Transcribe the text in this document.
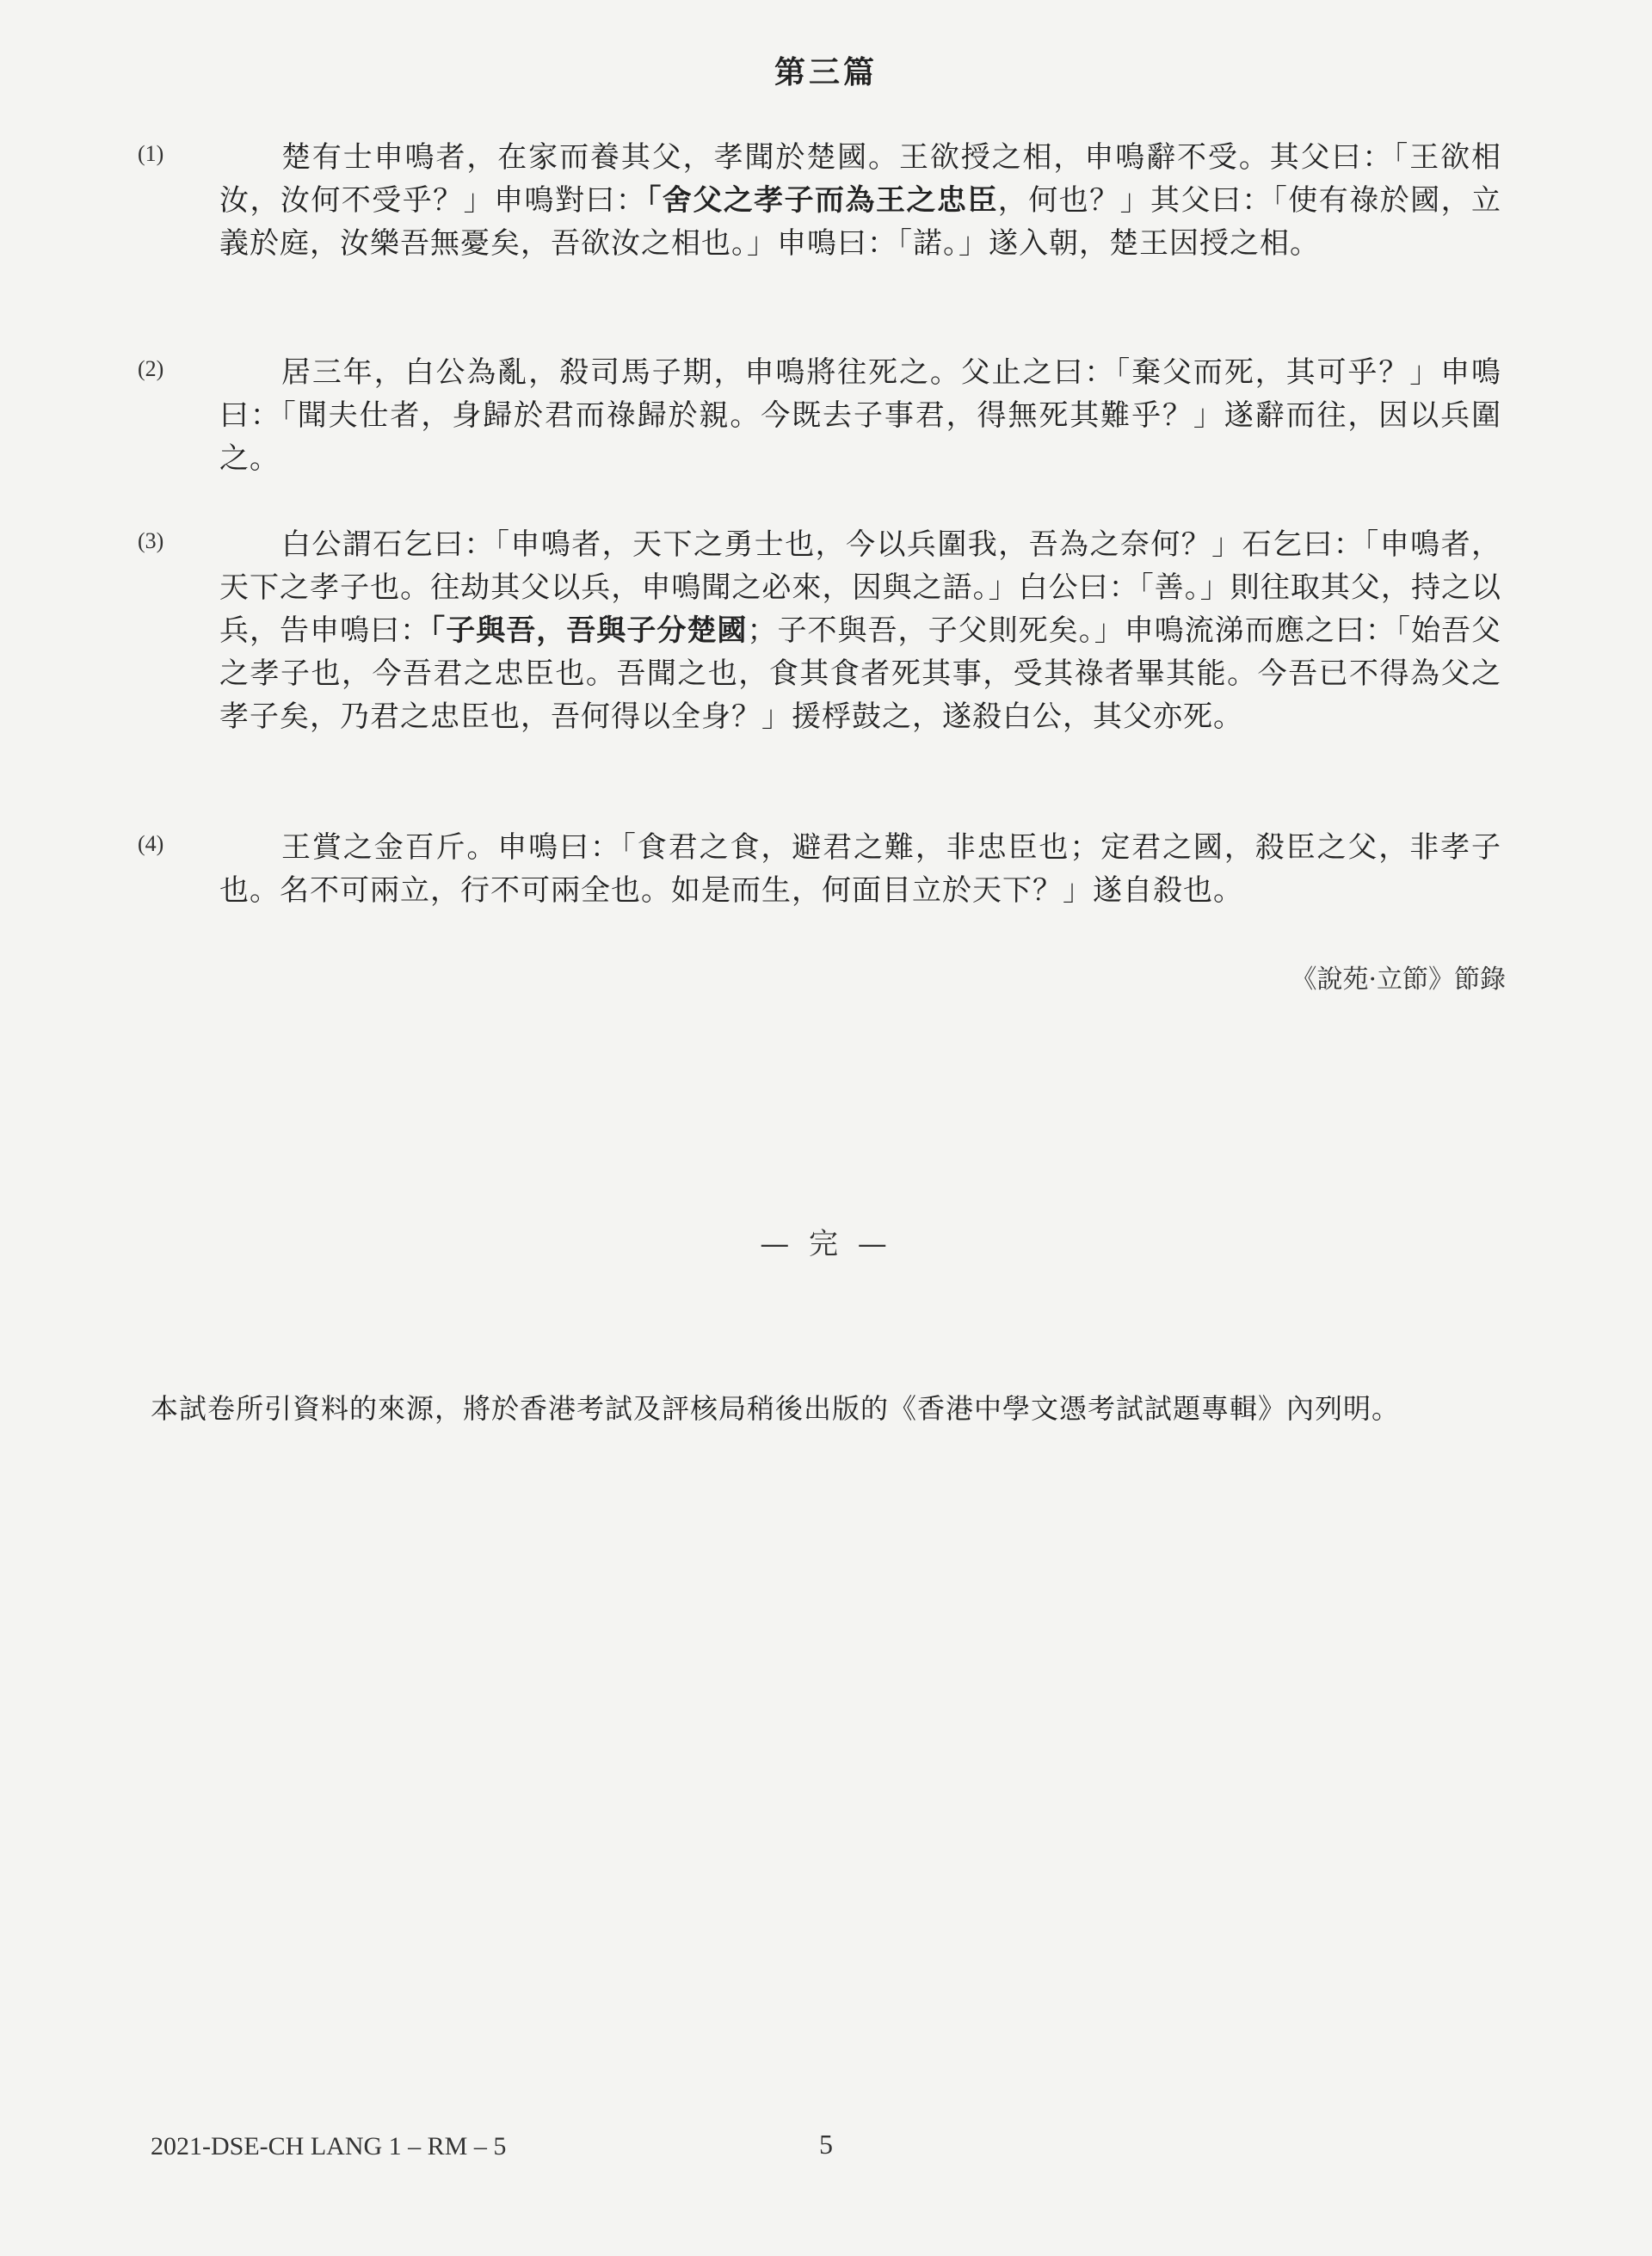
第三篇
(1)	楚有士申鳴者，在家而養其父，孝聞於楚國。王欲授之相，申鳴辭不受。其父曰：「王欲相汝，汝何不受乎？」申鳴對曰：「舍父之孝子而為王之忠臣，何也？」其父曰：「使有祿於國，立義於庭，汝樂吾無憂矣，吾欲汝之相也。」申鳴曰：「諾。」遂入朝，楚王因授之相。
(2)	居三年，白公為亂，殺司馬子期，申鳴將往死之。父止之曰：「棄父而死，其可乎？」申鳴曰：「聞夫仕者，身歸於君而祿歸於親。今既去子事君，得無死其難乎？」遂辭而往，因以兵圍之。
(3)	白公謂石乞曰：「申鳴者，天下之勇士也，今以兵圍我，吾為之奈何？」石乞曰：「申鳴者，天下之孝子也。往劫其父以兵，申鳴聞之必來，因與之語。」白公曰：「善。」則往取其父，持之以兵，告申鳴曰：「子與吾，吾與子分楚國；子不與吾，子父則死矣。」申鳴流涕而應之曰：「始吾父之孝子也，今吾君之忠臣也。吾聞之也，食其食者死其事，受其祿者畢其能。今吾已不得為父之孝子矣，乃君之忠臣也，吾何得以全身？」援桴鼓之，遂殺白公，其父亦死。
(4)	王賞之金百斤。申鳴曰：「食君之食，避君之難，非忠臣也；定君之國，殺臣之父，非孝子也。名不可兩立，行不可兩全也。如是而生，何面目立於天下？」遂自殺也。
《說苑·立節》節錄
— 完 —
本試卷所引資料的來源，將於香港考試及評核局稍後出版的《香港中學文憑考試試題專輯》內列明。
2021-DSE-CH LANG 1 – RM – 5	5
